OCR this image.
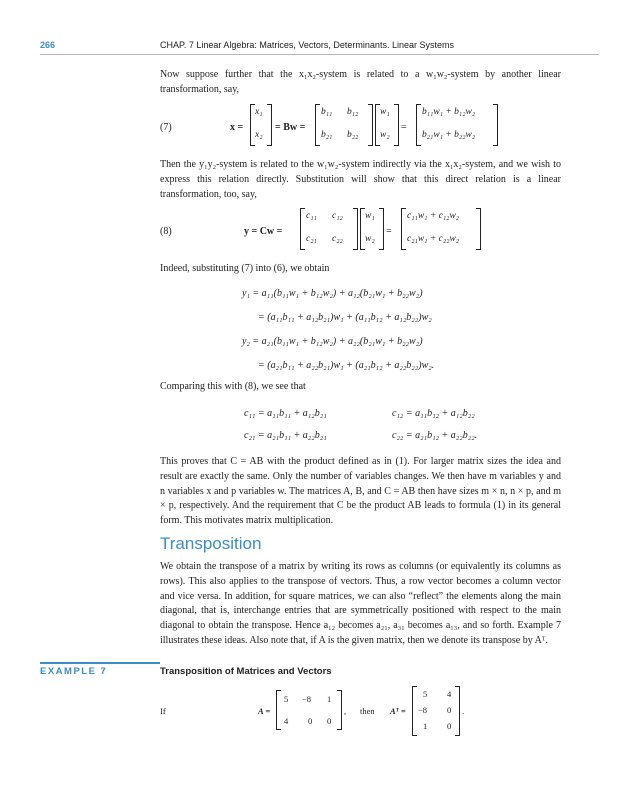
266	CHAP. 7 Linear Algebra: Matrices, Vectors, Determinants. Linear Systems

Now suppose further that the x₁x₂-system is related to a w₁w₂-system by another linear transformation, say,

(7)	x =
x₁
x₂
= Bw =
b₁₁ b₁₂
b₂₁ b₂₂
w₁
w₂
=
b₁₁w₁ + b₁₂w₂
b₂₁w₁ + b₂₂w₂

Then the y₁y₂-system is related to the w₁w₂-system indirectly via the x₁x₂-system, and we wish to express this relation directly. Substitution will show that this direct relation is a linear transformation, too, say,

(8)	y = Cw =
c₁₁ c₁₂
c₂₁ c₂₂
w₁
w₂
=
c₁₁w₁ + c₁₂w₂
c₂₁w₁ + c₂₂w₂

Indeed, substituting (7) into (6), we obtain

y₁ = a₁₁(b₁₁w₁ + b₁₂w₂) + a₁₂(b₂₁w₁ + b₂₂w₂)
= (a₁₁b₁₁ + a₁₂b₂₁)w₁ + (a₁₁b₁₂ + a₁₂b₂₂)w₂
y₂ = a₂₁(b₁₁w₁ + b₁₂w₂) + a₂₂(b₂₁w₁ + b₂₂w₂)
= (a₂₁b₁₁ + a₂₂b₂₁)w₁ + (a₂₁b₁₂ + a₂₂b₂₂)w₂.

Comparing this with (8), we see that

c₁₁ = a₁₁b₁₁ + a₁₂b₂₁	c₁₂ = a₁₁b₁₂ + a₁₂b₂₂
c₂₁ = a₂₁b₁₁ + a₂₂b₂₁	c₂₂ = a₂₁b₁₂ + a₂₂b₂₂.

This proves that C = AB with the product defined as in (1). For larger matrix sizes the idea and result are exactly the same. Only the number of variables changes. We then have m variables y and n variables x and p variables w. The matrices A, B, and C = AB then have sizes m × n, n × p, and m × p, respectively. And the requirement that C be the product AB leads to formula (1) in its general form. This motivates matrix multiplication.

Transposition

We obtain the transpose of a matrix by writing its rows as columns (or equivalently its columns as rows). This also applies to the transpose of vectors. Thus, a row vector becomes a column vector and vice versa. In addition, for square matrices, we can also “reflect” the elements along the main diagonal, that is, interchange entries that are symmetrically positioned with respect to the main diagonal to obtain the transpose. Hence a₁₂ becomes a₂₁, a₃₁ becomes a₁₃, and so forth. Example 7 illustrates these ideas. Also note that, if A is the given matrix, then we denote its transpose by Aᵀ.

EXAMPLE 7	Transposition of Matrices and Vectors
If	A =
5 −8 1
4 0 0
, then Aᵀ =
5 4
−8 0
1 0
.
